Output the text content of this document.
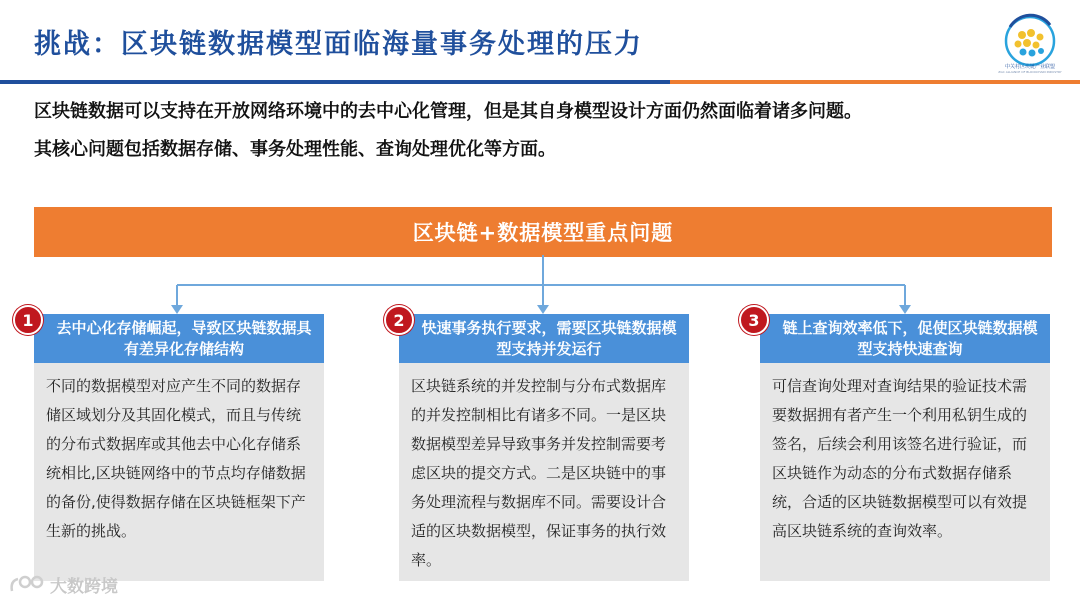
挑战：区块链数据模型面临海量事务处理的压力
中关村区块链产业联盟
ZGC ALLIANCE OF BLOCKCHAIN INDUSTRY
区块链数据可以支持在开放网络环境中的去中心化管理，但是其自身模型设计方面仍然面临着诸多问题。
其核心问题包括数据存储、事务处理性能、查询处理优化等方面。
区块链+数据模型重点问题
去中心化存储崛起，导致区块链数据具有差异化存储结构
不同的数据模型对应产生不同的数据存储区域划分及其固化模式，而且与传统的分布式数据库或其他去中心化存储系统相比,区块链网络中的节点均存储数据的备份,使得数据存储在区块链框架下产生新的挑战。
1	快速事务执行要求，需要区块链数据模型支持并发运行
区块链系统的并发控制与分布式数据库的并发控制相比有诸多不同。一是区块数据模型差异导致事务并发控制需要考虑区块的提交方式。二是区块链中的事务处理流程与数据库不同。需要设计合适的区块数据模型，保证事务的执行效率。
2	链上查询效率低下，促使区块链数据模型支持快速查询
可信查询处理对查询结果的验证技术需要数据拥有者产生一个利用私钥生成的签名，后续会利用该签名进行验证，而区块链作为动态的分布式数据存储系统，合适的区块链数据模型可以有效提高区块链系统的查询效率。
3
大数跨境
